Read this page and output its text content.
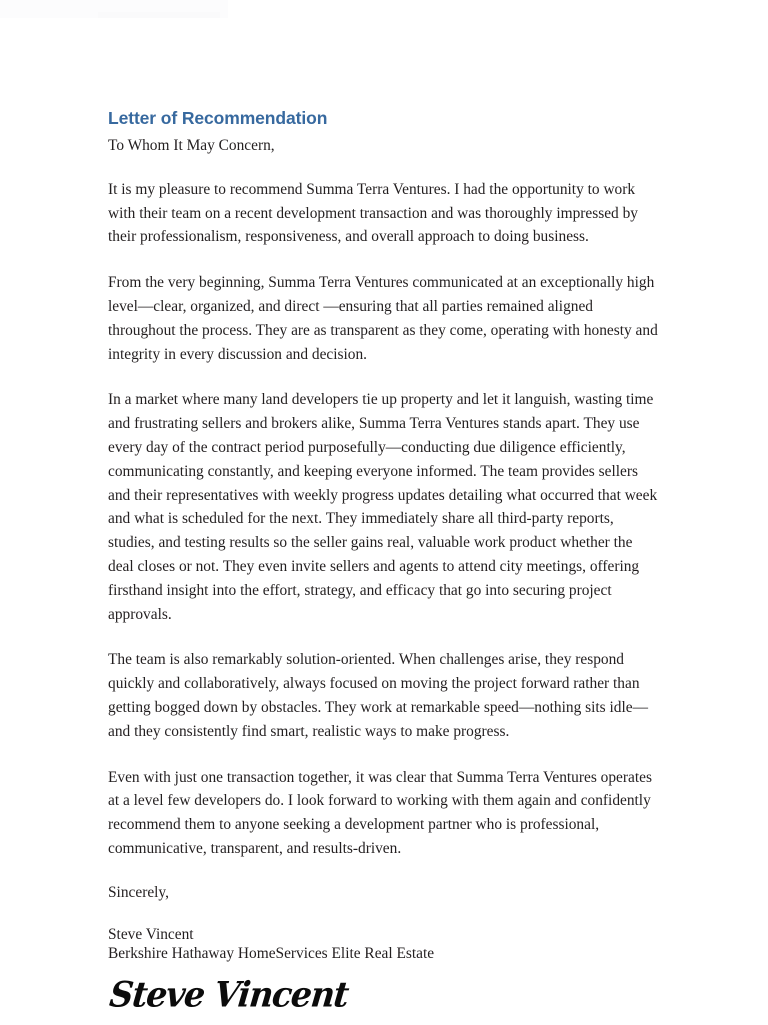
Letter of Recommendation

To Whom It May Concern,

It is my pleasure to recommend Summa Terra Ventures. I had the opportunity to work with their team on a recent development transaction and was thoroughly impressed by their professionalism, responsiveness, and overall approach to doing business.

From the very beginning, Summa Terra Ventures communicated at an exceptionally high level—clear, organized, and direct —ensuring that all parties remained aligned throughout the process. They are as transparent as they come, operating with honesty and integrity in every discussion and decision.

In a market where many land developers tie up property and let it languish, wasting time and frustrating sellers and brokers alike, Summa Terra Ventures stands apart. They use every day of the contract period purposefully—conducting due diligence efficiently, communicating constantly, and keeping everyone informed. The team provides sellers and their representatives with weekly progress updates detailing what occurred that week and what is scheduled for the next. They immediately share all third-party reports, studies, and testing results so the seller gains real, valuable work product whether the deal closes or not. They even invite sellers and agents to attend city meetings, offering firsthand insight into the effort, strategy, and efficacy that go into securing project approvals.

The team is also remarkably solution-oriented. When challenges arise, they respond quickly and collaboratively, always focused on moving the project forward rather than getting bogged down by obstacles. They work at remarkable speed—nothing sits idle—and they consistently find smart, realistic ways to make progress.

Even with just one transaction together, it was clear that Summa Terra Ventures operates at a level few developers do. I look forward to working with them again and confidently recommend them to anyone seeking a development partner who is professional, communicative, transparent, and results-driven.

Sincerely,

Steve Vincent
Berkshire Hathaway HomeServices Elite Real Estate
Steve Vincent
